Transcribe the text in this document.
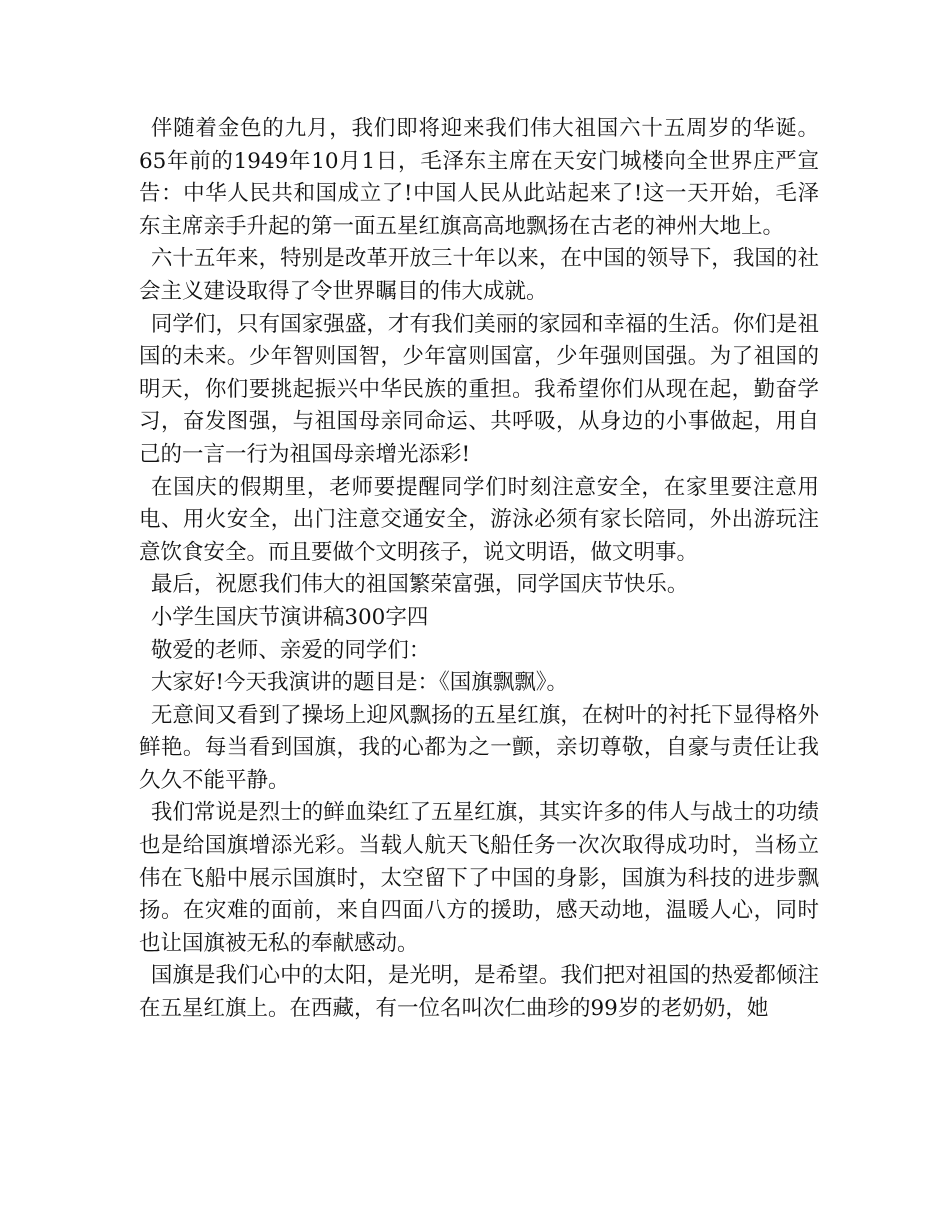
伴随着金色的九月，我们即将迎来我们伟大祖国六十五周岁的华诞。65年前的1949年10月1日，毛泽东主席在天安门城楼向全世界庄严宣告：中华人民共和国成立了!中国人民从此站起来了!这一天开始，毛泽东主席亲手升起的第一面五星红旗高高地飘扬在古老的神州大地上。

六十五年来，特别是改革开放三十年以来，在中国的领导下，我国的社会主义建设取得了令世界瞩目的伟大成就。

同学们，只有国家强盛，才有我们美丽的家园和幸福的生活。你们是祖国的未来。少年智则国智，少年富则国富，少年强则国强。为了祖国的明天，你们要挑起振兴中华民族的重担。我希望你们从现在起，勤奋学习，奋发图强，与祖国母亲同命运、共呼吸，从身边的小事做起，用自己的一言一行为祖国母亲增光添彩!

在国庆的假期里，老师要提醒同学们时刻注意安全，在家里要注意用电、用火安全，出门注意交通安全，游泳必须有家长陪同，外出游玩注意饮食安全。而且要做个文明孩子，说文明语，做文明事。

最后，祝愿我们伟大的祖国繁荣富强，同学国庆节快乐。

小学生国庆节演讲稿300字四

敬爱的老师、亲爱的同学们：

大家好!今天我演讲的题目是：《国旗飘飘》。

无意间又看到了操场上迎风飘扬的五星红旗，在树叶的衬托下显得格外鲜艳。每当看到国旗，我的心都为之一颤，亲切尊敬，自豪与责任让我久久不能平静。

我们常说是烈士的鲜血染红了五星红旗，其实许多的伟人与战士的功绩也是给国旗增添光彩。当载人航天飞船任务一次次取得成功时，当杨立伟在飞船中展示国旗时，太空留下了中国的身影，国旗为科技的进步飘扬。在灾难的面前，来自四面八方的援助，感天动地，温暖人心，同时也让国旗被无私的奉献感动。

国旗是我们心中的太阳，是光明，是希望。我们把对祖国的热爱都倾注在五星红旗上。在西藏，有一位名叫次仁曲珍的99岁的老奶奶，她
